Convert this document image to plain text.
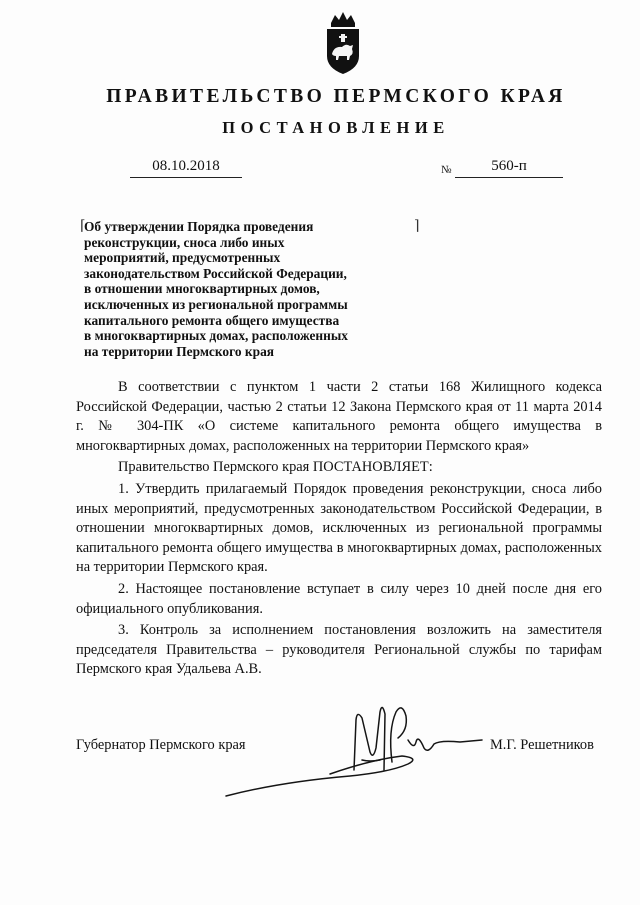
ПРАВИТЕЛЬСТВО ПЕРМСКОГО КРАЯ
ПОСТАНОВЛЕНИЕ
08.10.2018	№	560-п
⌈	⌉
Об утверждении Порядка проведения
реконструкции, сноса либо иных
мероприятий, предусмотренных
законодательством Российской Федерации,
в отношении многоквартирных домов,
исключенных из региональной программы
капитального ремонта общего имущества
в многоквартирных домах, расположенных
на территории Пермского края

В соответствии с пунктом 1 части 2 статьи 168 Жилищного кодекса Российской Федерации, частью 2 статьи 12 Закона Пермского края от 11 марта 2014 г. № 304-ПК «О системе капитального ремонта общего имущества в многоквартирных домах, расположенных на территории Пермского края»

Правительство Пермского края ПОСТАНОВЛЯЕТ:

1. Утвердить прилагаемый Порядок проведения реконструкции, сноса либо иных мероприятий, предусмотренных законодательством Российской Федерации, в отношении многоквартирных домов, исключенных из региональной программы капитального ремонта общего имущества в многоквартирных домах, расположенных на территории Пермского края.

2. Настоящее постановление вступает в силу через 10 дней после дня его официального опубликования.

3. Контроль за исполнением постановления возложить на заместителя председателя Правительства – руководителя Региональной службы по тарифам Пермского края Удальева А.В.

Губернатор Пермского края	М.Г. Решетников
